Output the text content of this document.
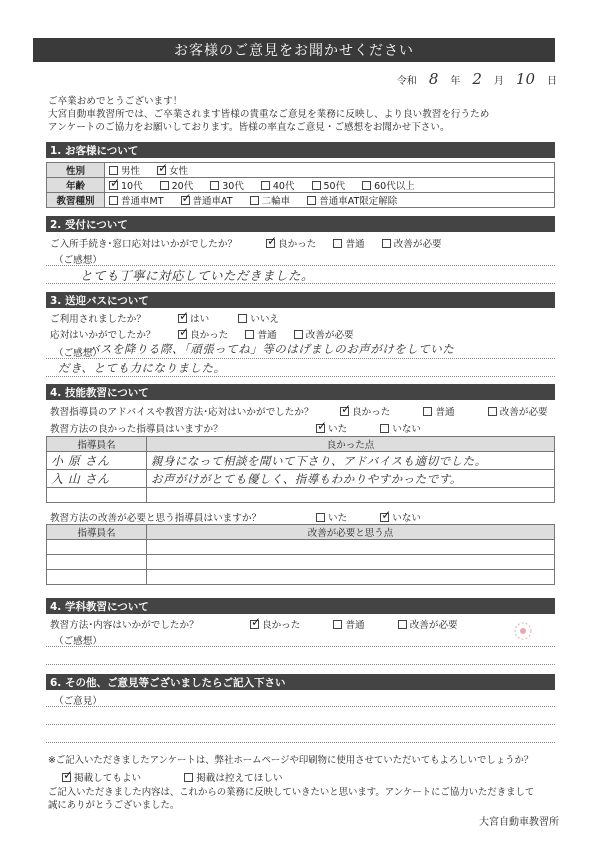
お客様のご意見をお聞かせください
令和 8	年 2	月 10	日
ご卒業おめでとうございます！
大宮自動車教習所では、ご卒業されます皆様の貴重なご意見を業務に反映し、より良い教習を行うため
アンケートのご協力をお願いしております。皆様の率直なご意見・ご感想をお聞かせ下さい。
1. お客様について
性別	男性 ✓ 女性
年齢	✓10代 20代 30代 40代 50代 60代以上
教習種別	普通車MT ✓ 普通車AT 二輪車 普通車AT限定解除
2. 受付について
ご入所手続き･窓口応対はいかがでしたか？ ✓	良かった	普通	改善が必要
（ご感想）
とても丁寧に対応していただきました。
3. 送迎バスについて
ご利用されましたか？ ✓	はい	いいえ
応対はいかがでしたか？ ✓	良かった	普通	改善が必要
（ご感想）
バスを降りる際、「頑張ってね」等のはげましのお声がけをしていた
だき、とても力になりました。
4. 技能教習について
教習指導員のアドバイスや教習方法･応対はいかがでしたか？ ✓	良かった	普通	改善が必要
教習方法の良かった指導員はいますか？ ✓	いた	いない
指導員名	良かった点
小 原 さん	親身になって相談を聞いて下さり、アドバイスも適切でした。
入 山 さん	お声がけがとても優しく、指導もわかりやすかったです。

教習方法の改善が必要と思う指導員はいますか？	いた ✓	いない
指導員名	改善が必要と思う点

4. 学科教習について
教習方法･内容はいかがでしたか？ ✓	良かった	普通	改善が必要
（ご感想）
6. その他、ご意見等ございましたらご記入下さい
（ご意見）
※ご記入いただきましたアンケートは、弊社ホームページや印刷物に使用させていただいてもよろしいでしょうか？
✓掲載してもよい	掲載は控えてほしい
ご記入いただきました内容は、これからの業務に反映していきたいと思います。アンケートにご協力いただきまして
誠にありがとうございました。
大宮自動車教習所
